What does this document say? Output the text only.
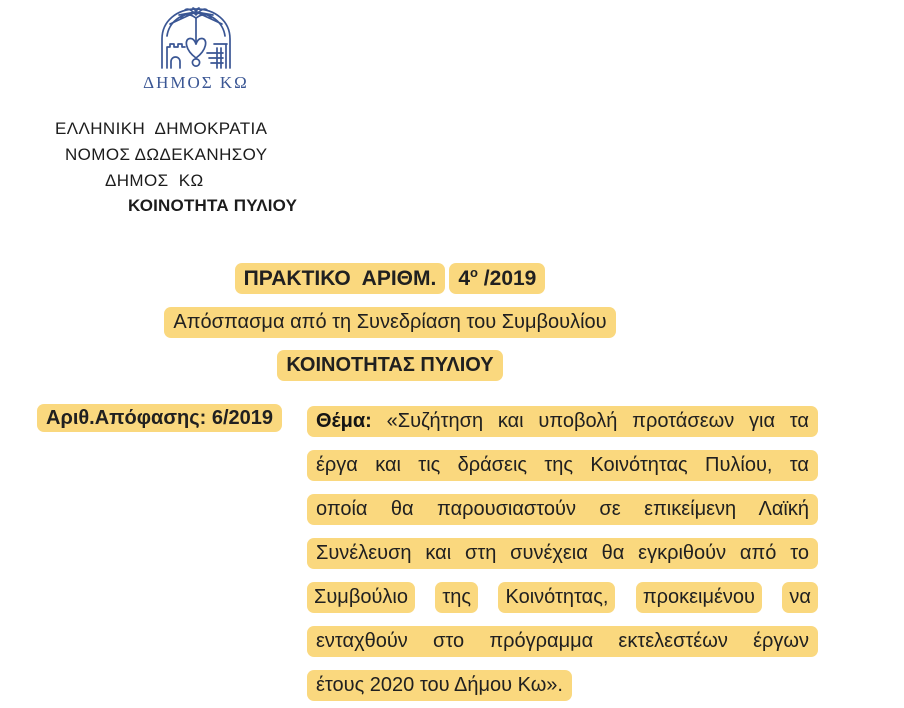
ΔΗΜΟΣ ΚΩ
ΕΛΛΗΝΙΚΗ  ΔΗΜΟΚΡΑΤΙΑ
ΝΟΜΟΣ ΔΩΔΕΚΑΝΗΣΟΥ
ΔΗΜΟΣ  ΚΩ
ΚΟΙΝΟΤΗΤΑ ΠΥΛΙΟΥ
ΠΡΑΚΤΙΚΟ  ΑΡΙΘΜ.	$4^o$ /2019
Απόσπασμα από τη Συνεδρίαση του Συμβουλίου
ΚΟΙΝΟΤΗΤΑΣ ΠΥΛΙΟΥ
Αριθ.Απόφασης: 6/2019	Θέμα: «Συζήτηση και υποβολή προτάσεων για τα
έργα και τις δράσεις της Κοινότητας Πυλίου, τα
οποία θα παρουσιαστούν σε επικείμενη Λαϊκή
Συνέλευση και στη συνέχεια θα εγκριθούν από το
Συμβούλιο	της	Κοινότητας,	προκειμένου	να
ενταχθούν στο πρόγραμμα εκτελεστέων έργων
έτους 2020 του Δήμου Κω».
